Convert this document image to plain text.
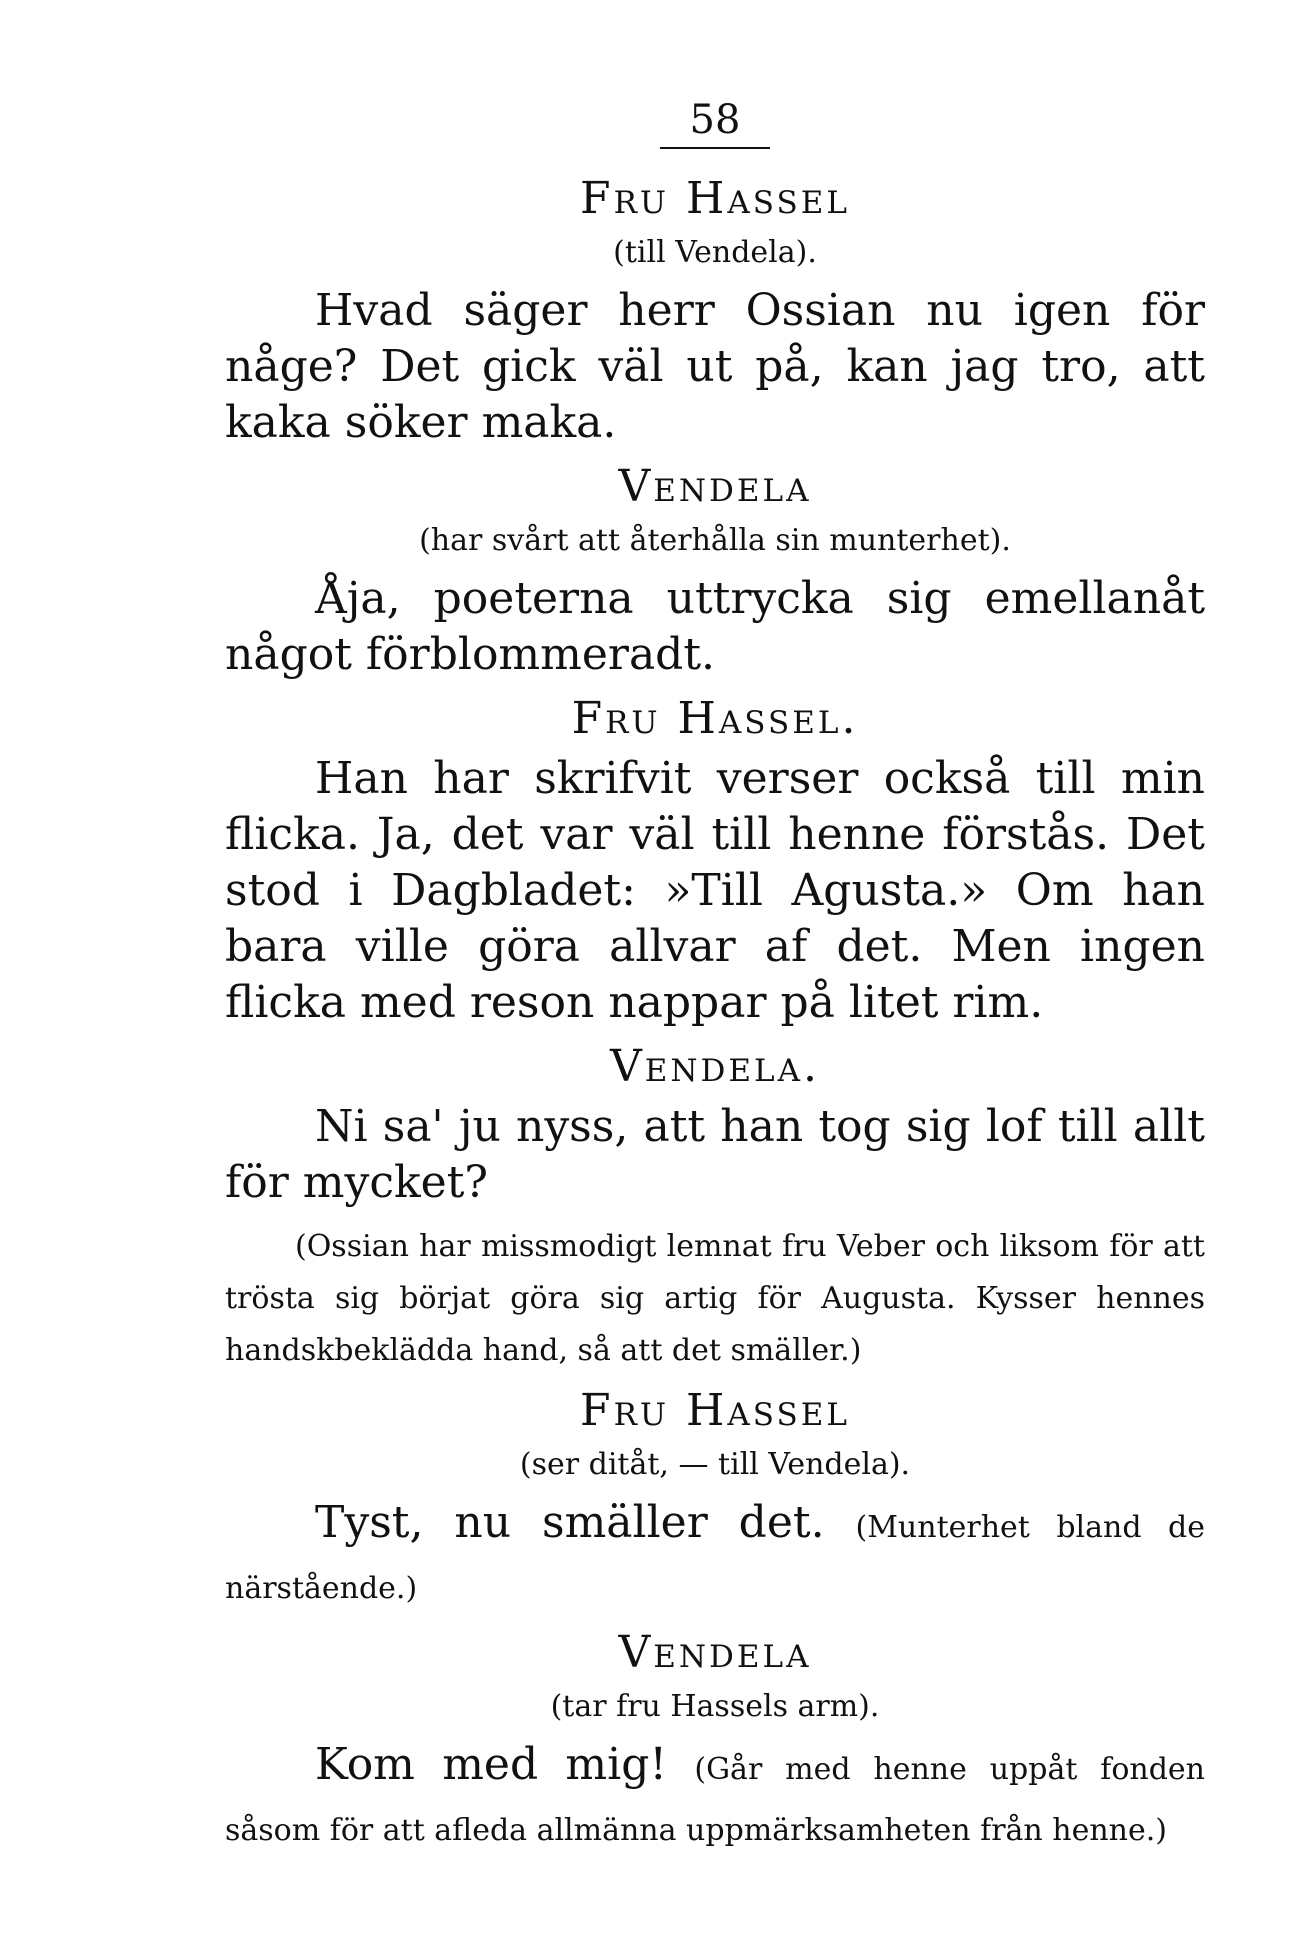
58
Fru Hassel
(till Vendela).

Hvad säger herr Ossian nu igen för någe? Det gick väl ut på, kan jag tro, att kaka söker maka.

Vendela
(har svårt att återhålla sin munterhet).

Åja, poeterna uttrycka sig emellanåt något förblommeradt.

Fru Hassel.

Han har skrifvit verser också till min flicka. Ja, det var väl till henne förstås. Det stod i Dagbladet: »Till Agusta.» Om han bara ville göra allvar af det. Men ingen flicka med reson nappar på litet rim.

Vendela.

Ni sa' ju nyss, att han tog sig lof till allt för mycket?

(Ossian har missmodigt lemnat fru Veber och liksom för att trösta sig börjat göra sig artig för Augusta. Kysser hennes handskbeklädda hand, så att det smäller.)

Fru Hassel
(ser ditåt, — till Vendela).

Tyst, nu smäller det. (Munterhet bland de närstående.)

Vendela
(tar fru Hassels arm).

Kom med mig! (Går med henne uppåt fonden såsom för att afleda allmänna uppmärksamheten från henne.)
